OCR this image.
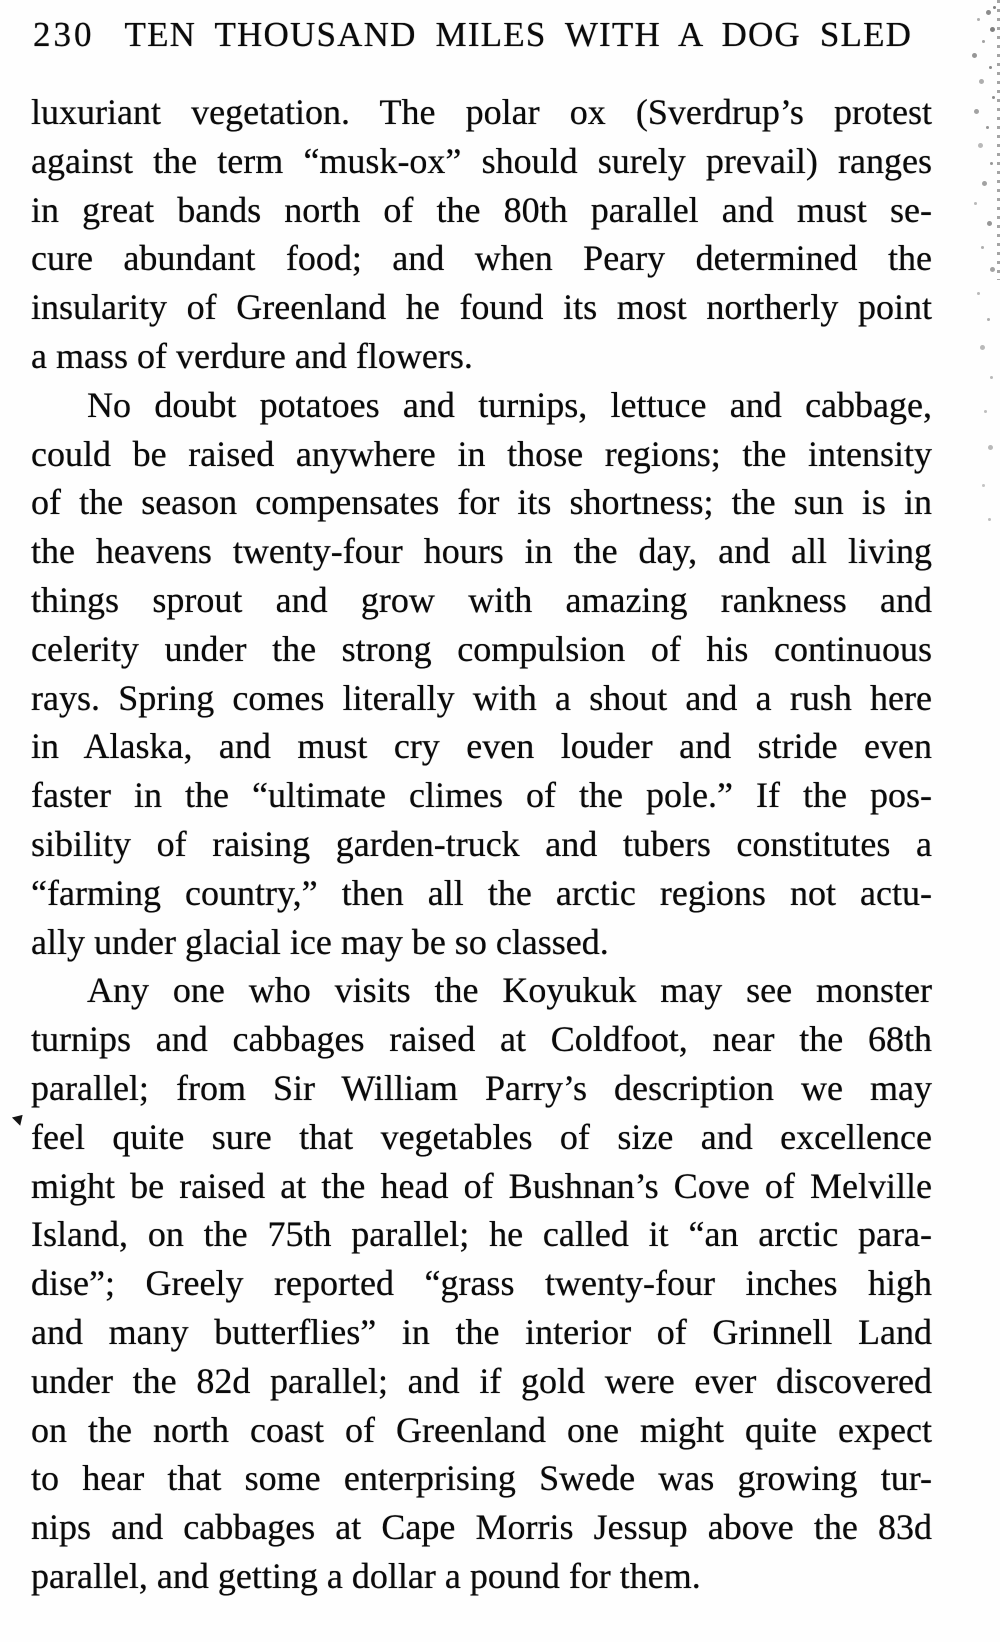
230 TEN THOUSAND MILES WITH A DOG SLED
luxuriant vegetation. The polar ox (Sverdrup’s protest
against the term “musk-ox” should surely prevail) ranges
in great bands north of the 80th parallel and must se-
cure abundant food; and when Peary determined the
insularity of Greenland he found its most northerly point
a mass of verdure and flowers.
No doubt potatoes and turnips, lettuce and cabbage,
could be raised anywhere in those regions; the intensity
of the season compensates for its shortness; the sun is in
the heavens twenty-four hours in the day, and all living
things sprout and grow with amazing rankness and
celerity under the strong compulsion of his continuous
rays. Spring comes literally with a shout and a rush here
in Alaska, and must cry even louder and stride even
faster in the “ultimate climes of the pole.” If the pos-
sibility of raising garden-truck and tubers constitutes a
“farming country,” then all the arctic regions not actu-
ally under glacial ice may be so classed.
Any one who visits the Koyukuk may see monster
turnips and cabbages raised at Coldfoot, near the 68th
parallel; from Sir William Parry’s description we may
feel quite sure that vegetables of size and excellence
might be raised at the head of Bushnan’s Cove of Melville
Island, on the 75th parallel; he called it “an arctic para-
dise”; Greely reported “grass twenty-four inches high
and many butterflies” in the interior of Grinnell Land
under the 82d parallel; and if gold were ever discovered
on the north coast of Greenland one might quite expect
to hear that some enterprising Swede was growing tur-
nips and cabbages at Cape Morris Jessup above the 83d
parallel, and getting a dollar a pound for them.
